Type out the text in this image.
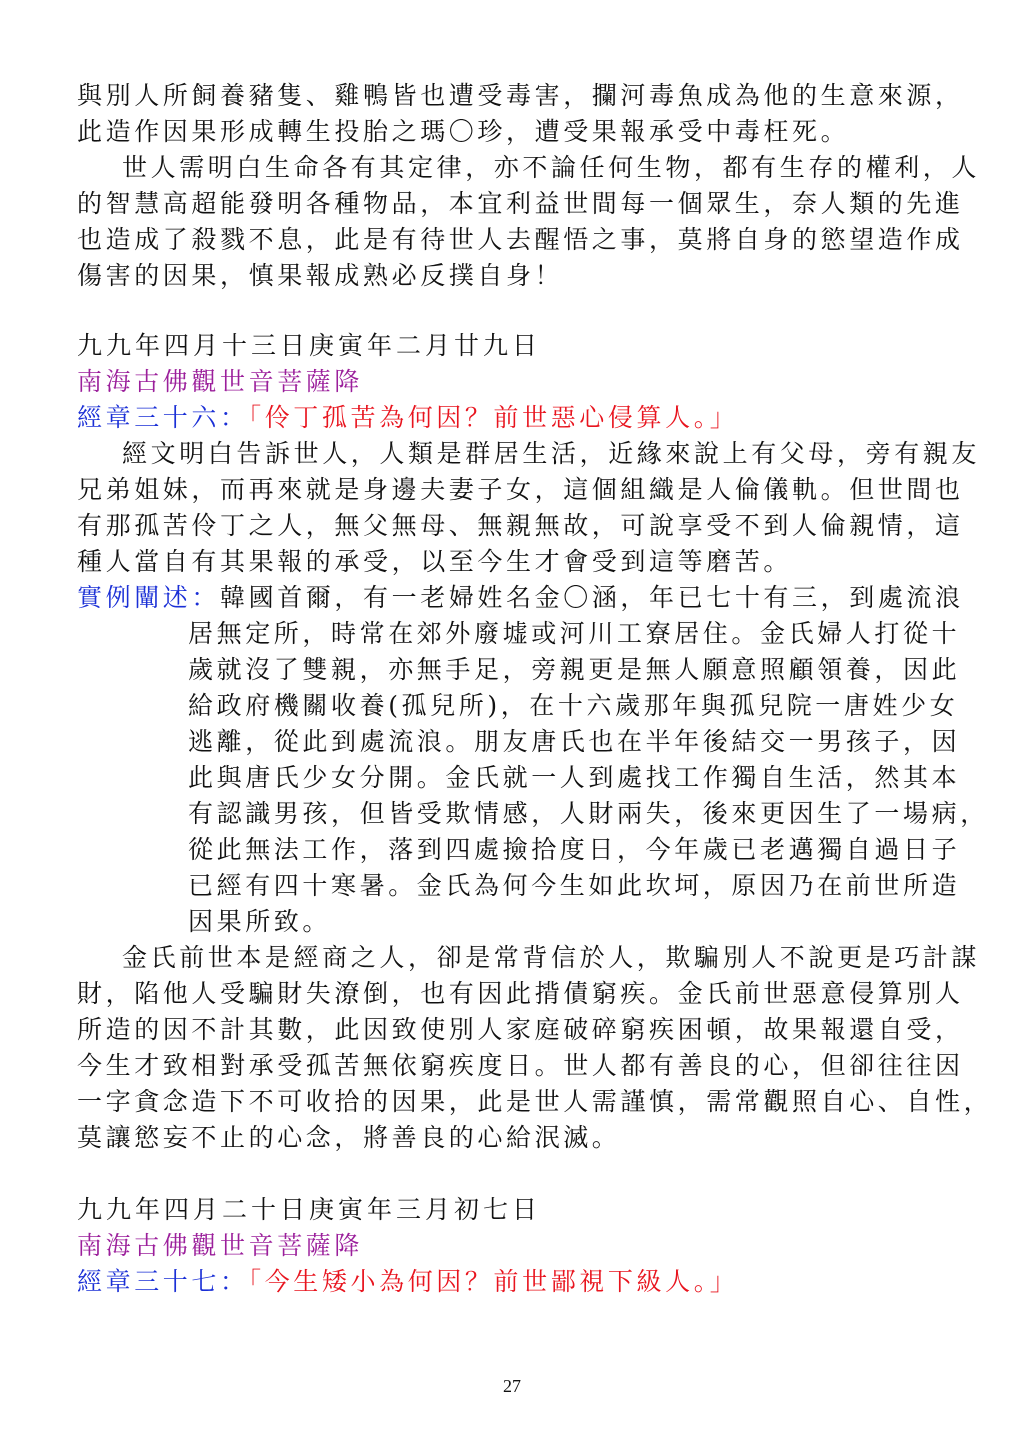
與別人所飼養豬隻、雞鴨皆也遭受毒害，攔河毒魚成為他的生意來源，
此造作因果形成轉生投胎之瑪〇珍，遭受果報承受中毒枉死。
世人需明白生命各有其定律，亦不論任何生物，都有生存的權利，人
的智慧高超能發明各種物品，本宜利益世間每一個眾生，奈人類的先進
也造成了殺戮不息，此是有待世人去醒悟之事，莫將自身的慾望造作成
傷害的因果，慎果報成熟必反撲自身！
九九年四月十三日庚寅年二月廿九日
南海古佛觀世音菩薩降
經章三十六：「伶丁孤苦為何因？前世惡心侵算人。」
經文明白告訴世人，人類是群居生活，近緣來說上有父母，旁有親友
兄弟姐妹，而再來就是身邊夫妻子女，這個組織是人倫儀軌。但世間也
有那孤苦伶丁之人，無父無母、無親無故，可說享受不到人倫親情，這
種人當自有其果報的承受，以至今生才會受到這等磨苦。
實例闡述：韓國首爾，有一老婦姓名金〇涵，年已七十有三，到處流浪
居無定所，時常在郊外廢墟或河川工寮居住。金氏婦人打從十
歲就沒了雙親，亦無手足，旁親更是無人願意照顧領養，因此
給政府機關收養(孤兒所)，在十六歲那年與孤兒院一唐姓少女
逃離，從此到處流浪。朋友唐氏也在半年後結交一男孩子，因
此與唐氏少女分開。金氏就一人到處找工作獨自生活，然其本
有認識男孩，但皆受欺情感，人財兩失，後來更因生了一場病，
從此無法工作，落到四處撿拾度日，今年歲已老邁獨自過日子
已經有四十寒暑。金氏為何今生如此坎坷，原因乃在前世所造
因果所致。
金氏前世本是經商之人，卻是常背信於人，欺騙別人不說更是巧計謀
財，陷他人受騙財失潦倒，也有因此揹債窮疾。金氏前世惡意侵算別人
所造的因不計其數，此因致使別人家庭破碎窮疾困頓，故果報還自受，
今生才致相對承受孤苦無依窮疾度日。世人都有善良的心，但卻往往因
一字貪念造下不可收拾的因果，此是世人需謹慎，需常觀照自心、自性，
莫讓慾妄不止的心念，將善良的心給泯滅。
九九年四月二十日庚寅年三月初七日
南海古佛觀世音菩薩降
經章三十七：「今生矮小為何因？前世鄙視下級人。」
27
